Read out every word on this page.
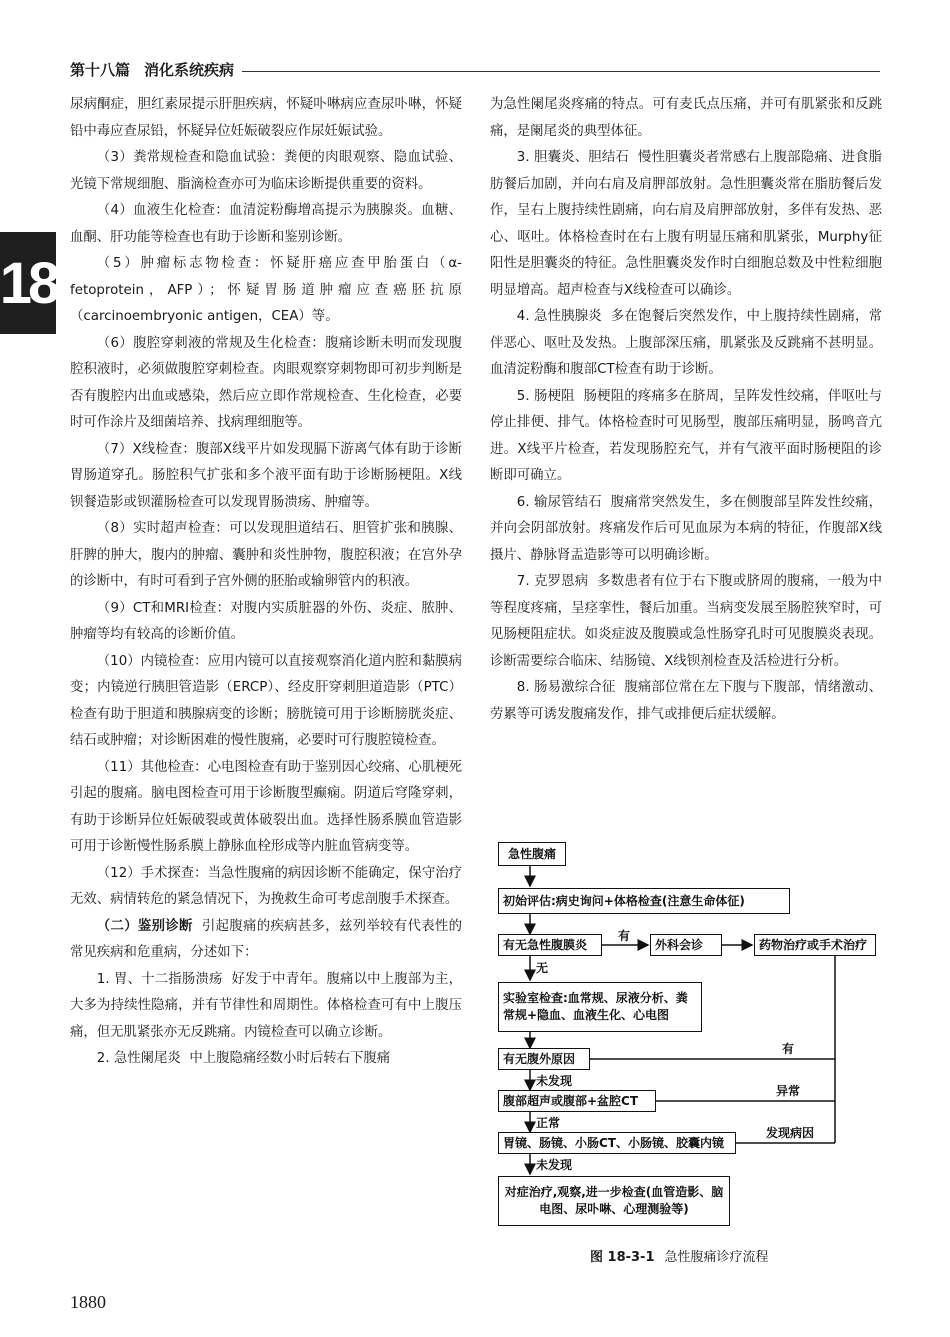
第十八篇 消化系统疾病
18

尿病酮症，胆红素尿提示肝胆疾病，怀疑卟啉病应查尿卟啉，怀疑铅中毒应查尿铅，怀疑异位妊娠破裂应作尿妊娠试验。

（3）粪常规检查和隐血试验：粪便的肉眼观察、隐血试验、光镜下常规细胞、脂滴检查亦可为临床诊断提供重要的资料。

（4）血液生化检查：血清淀粉酶增高提示为胰腺炎。血糖、血酮、肝功能等检查也有助于诊断和鉴别诊断。

（5）肿瘤标志物检查：怀疑肝癌应查甲胎蛋白（α-fetoprotein，AFP）；怀疑胃肠道肿瘤应查癌胚抗原（carcinoembryonic antigen，CEA）等。

（6）腹腔穿刺液的常规及生化检查：腹痛诊断未明而发现腹腔积液时，必须做腹腔穿刺检查。肉眼观察穿刺物即可初步判断是否有腹腔内出血或感染，然后应立即作常规检查、生化检查，必要时可作涂片及细菌培养、找病理细胞等。

（7）X线检查：腹部X线平片如发现膈下游离气体有助于诊断胃肠道穿孔。肠腔积气扩张和多个液平面有助于诊断肠梗阻。X线钡餐造影或钡灌肠检查可以发现胃肠溃疡、肿瘤等。

（8）实时超声检查：可以发现胆道结石、胆管扩张和胰腺、肝脾的肿大，腹内的肿瘤、囊肿和炎性肿物，腹腔积液；在宫外孕的诊断中，有时可看到子宫外侧的胚胎或输卵管内的积液。

（9）CT和MRI检查：对腹内实质脏器的外伤、炎症、脓肿、肿瘤等均有较高的诊断价值。

（10）内镜检查：应用内镜可以直接观察消化道内腔和黏膜病变；内镜逆行胰胆管造影（ERCP）、经皮肝穿刺胆道造影（PTC）检查有助于胆道和胰腺病变的诊断；膀胱镜可用于诊断膀胱炎症、结石或肿瘤；对诊断困难的慢性腹痛，必要时可行腹腔镜检查。

（11）其他检查：心电图检查有助于鉴别因心绞痛、心肌梗死引起的腹痛。脑电图检查可用于诊断腹型癫痫。阴道后穹隆穿刺，有助于诊断异位妊娠破裂或黄体破裂出血。选择性肠系膜血管造影可用于诊断慢性肠系膜上静脉血栓形成等内脏血管病变等。

（12）手术探查：当急性腹痛的病因诊断不能确定，保守治疗无效、病情转危的紧急情况下，为挽救生命可考虑剖腹手术探查。

（二）鉴别诊断 引起腹痛的疾病甚多，兹列举较有代表性的常见疾病和危重病，分述如下：

1. 胃、十二指肠溃疡 好发于中青年。腹痛以中上腹部为主，大多为持续性隐痛，并有节律性和周期性。体格检查可有中上腹压痛，但无肌紧张亦无反跳痛。内镜检查可以确立诊断。

2. 急性阑尾炎 中上腹隐痛经数小时后转右下腹痛

为急性阑尾炎疼痛的特点。可有麦氏点压痛，并可有肌紧张和反跳痛，是阑尾炎的典型体征。

3. 胆囊炎、胆结石 慢性胆囊炎者常感右上腹部隐痛、进食脂肪餐后加剧，并向右肩及肩胛部放射。急性胆囊炎常在脂肪餐后发作，呈右上腹持续性剧痛，向右肩及肩胛部放射，多伴有发热、恶心、呕吐。体格检查时在右上腹有明显压痛和肌紧张，Murphy征阳性是胆囊炎的特征。急性胆囊炎发作时白细胞总数及中性粒细胞明显增高。超声检查与X线检查可以确诊。

4. 急性胰腺炎 多在饱餐后突然发作，中上腹持续性剧痛，常伴恶心、呕吐及发热。上腹部深压痛，肌紧张及反跳痛不甚明显。血清淀粉酶和腹部CT检查有助于诊断。

5. 肠梗阻 肠梗阻的疼痛多在脐周，呈阵发性绞痛，伴呕吐与停止排便、排气。体格检查时可见肠型，腹部压痛明显，肠鸣音亢进。X线平片检查，若发现肠腔充气，并有气液平面时肠梗阻的诊断即可确立。

6. 输尿管结石 腹痛常突然发生，多在侧腹部呈阵发性绞痛，并向会阴部放射。疼痛发作后可见血尿为本病的特征，作腹部X线摄片、静脉肾盂造影等可以明确诊断。

7. 克罗恩病 多数患者有位于右下腹或脐周的腹痛，一般为中等程度疼痛，呈痉挛性，餐后加重。当病变发展至肠腔狭窄时，可见肠梗阻症状。如炎症波及腹膜或急性肠穿孔时可见腹膜炎表现。诊断需要综合临床、结肠镜、X线钡剂检查及活检进行分析。

8. 肠易激综合征 腹痛部位常在左下腹与下腹部，情绪激动、劳累等可诱发腹痛发作，排气或排便后症状缓解。

急性腹痛
初始评估:病史询问+体格检查(注意生命体征)
有无急性腹膜炎	外科会诊	药物治疗或手术治疗
实验室检查:血常规、尿液分析、粪常规+隐血、血液生化、心电图
有无腹外原因
腹部超声或腹部+盆腔CT
胃镜、肠镜、小肠CT、小肠镜、胶囊内镜
对症治疗,观察,进一步检查(血管造影、脑电图、尿卟啉、心理测验等)
有
无
有
未发现
异常
正常
发现病因
未发现
图 18-3-1 急性腹痛诊疗流程
1880
